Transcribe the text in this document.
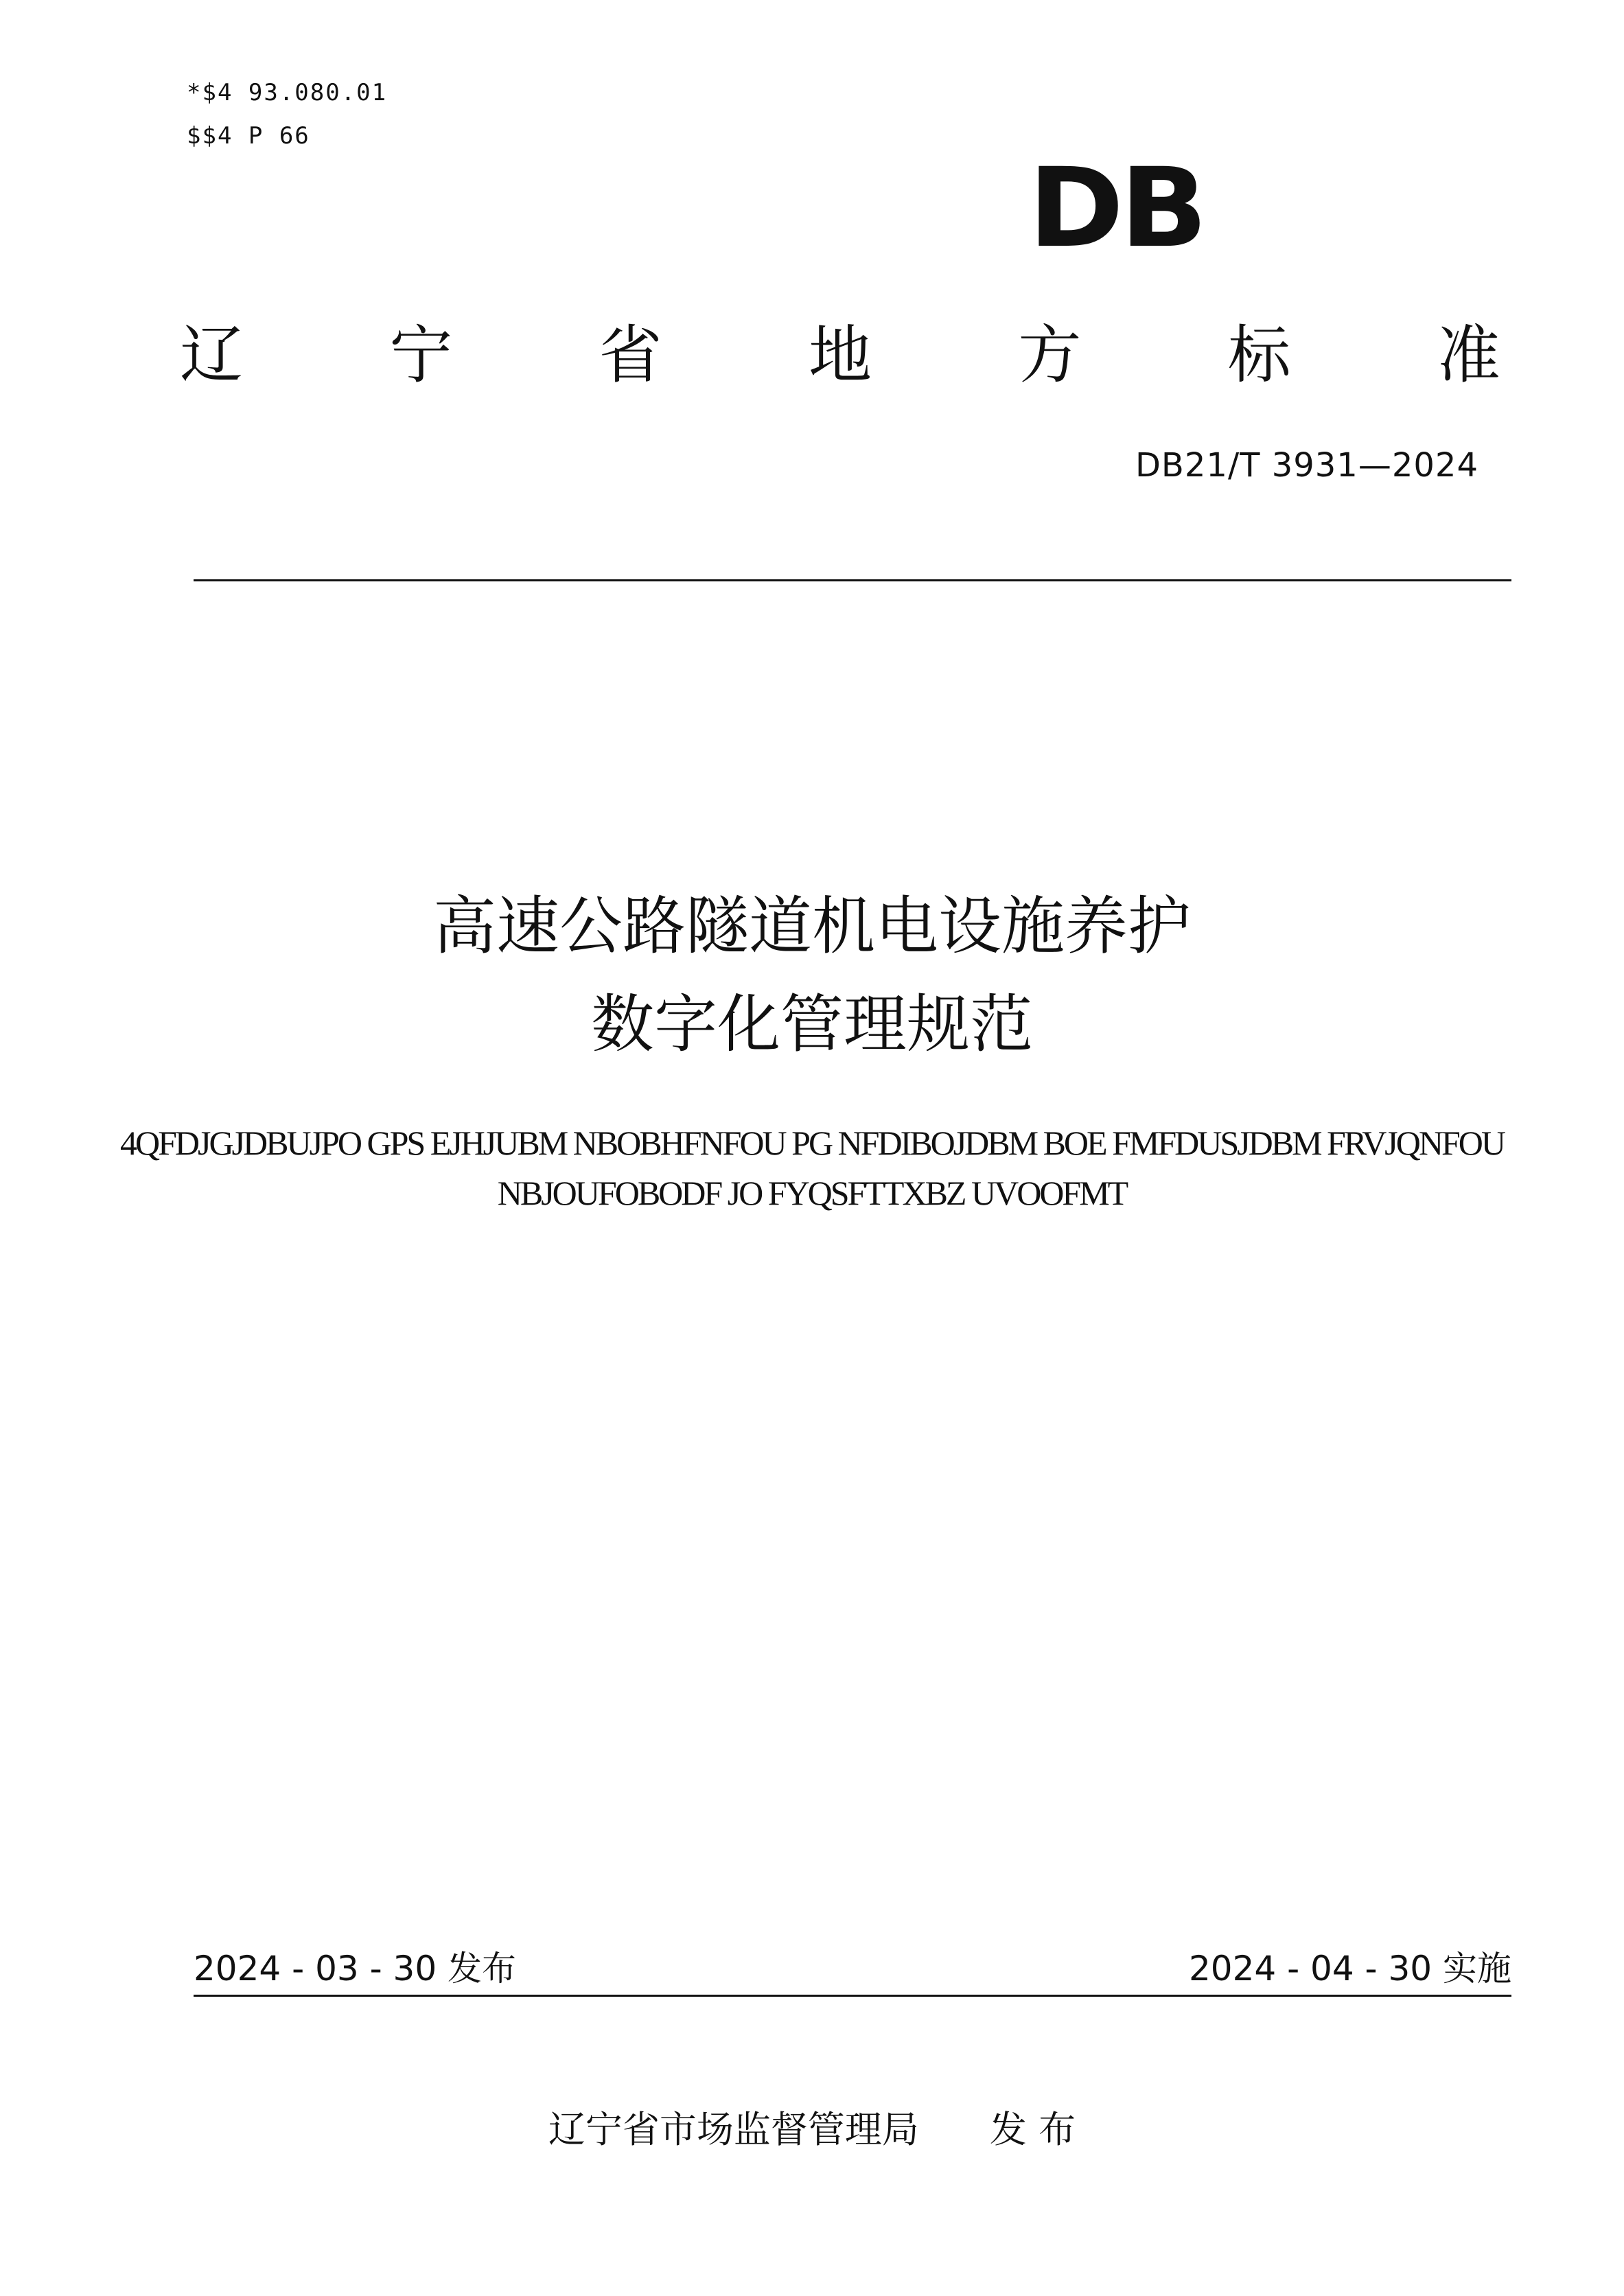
*$4 93.080.01
$$4 P 66
DB
辽 宁 省 地 方 标 准
DB21/T 3931—2024
高速公路隧道机电设施养护
数字化管理规范
4QFDJGJDBUJPO GPS EJHJUBM NBOBHFNFOU PG NFDIBOJDBM BOE FMFDUSJDBM FRVJQNFOU
NBJOUFOBODF JO FYQSFTTXBZ UVOOFMT
2024 - 03 - 30 发布	2024 - 04 - 30 实施
辽宁省市场监督管理局      发 布
